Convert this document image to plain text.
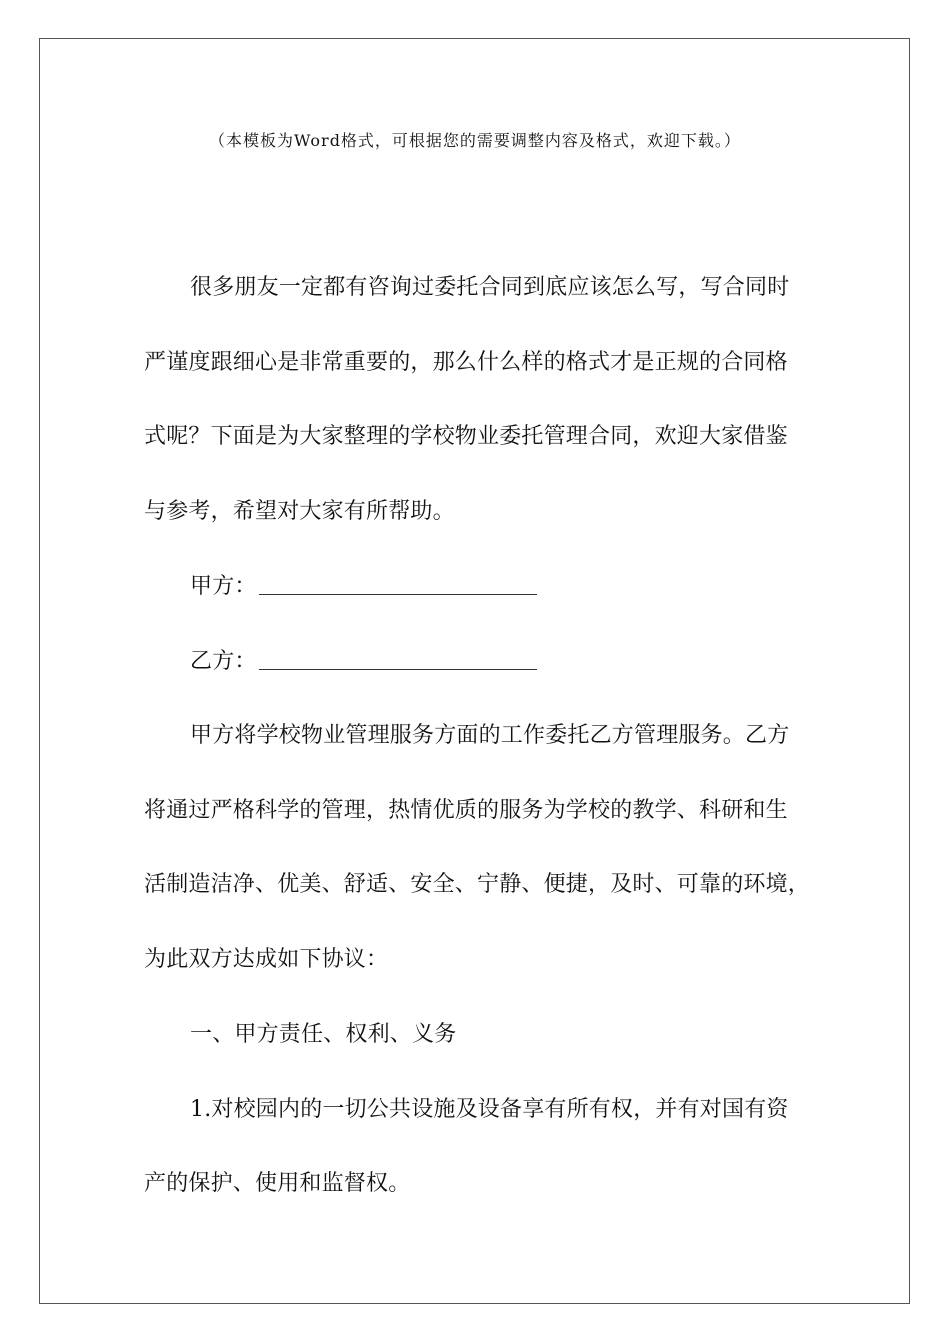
（本模板为Word格式，可根据您的需要调整内容及格式，欢迎下载。）
很多朋友一定都有咨询过委托合同到底应该怎么写，写合同时
严谨度跟细心是非常重要的，那么什么样的格式才是正规的合同格
式呢？下面是为大家整理的学校物业委托管理合同，欢迎大家借鉴
与参考，希望对大家有所帮助。
甲方：
乙方：
甲方将学校物业管理服务方面的工作委托乙方管理服务。乙方
将通过严格科学的管理，热情优质的服务为学校的教学、科研和生
活制造洁净、优美、舒适、安全、宁静、便捷，及时、可靠的环境，
为此双方达成如下协议：
一、甲方责任、权利、义务
1.对校园内的一切公共设施及设备享有所有权，并有对国有资
产的保护、使用和监督权。
